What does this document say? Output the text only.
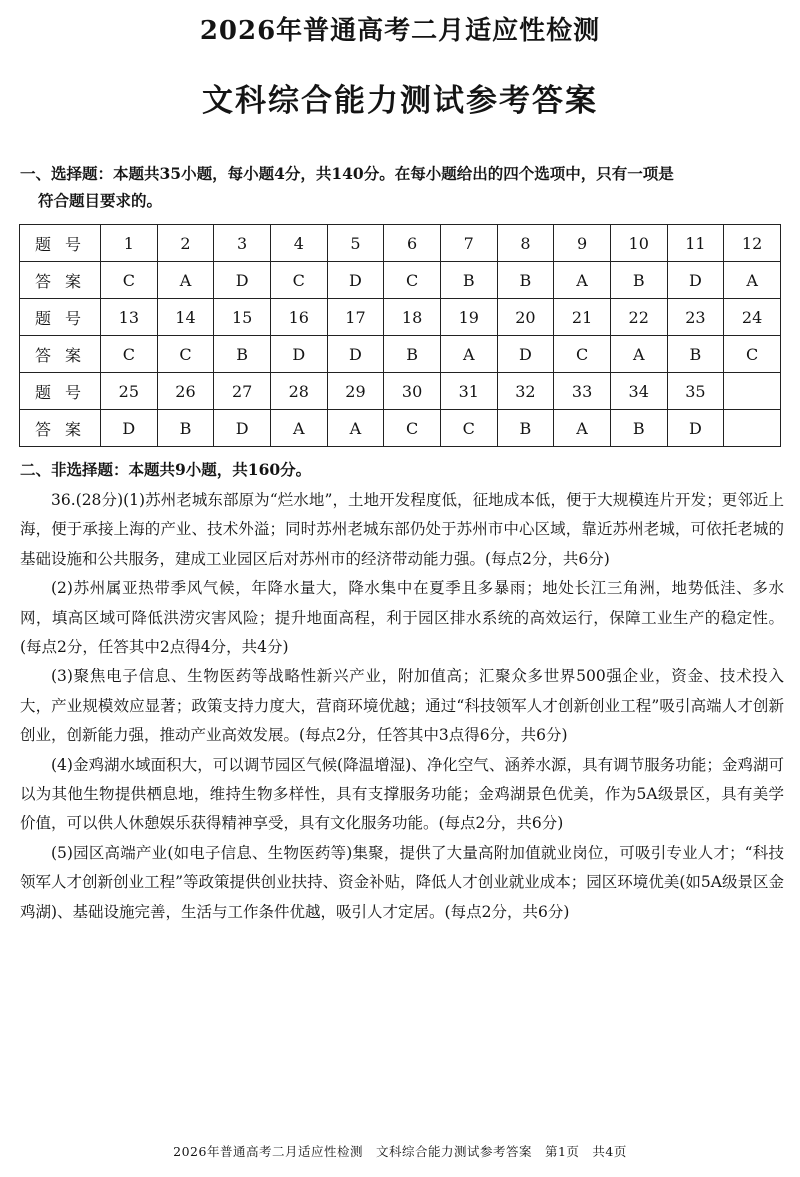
2026年普通高考二月适应性检测
文科综合能力测试参考答案
一、选择题：本题共35小题，每小题4分，共140分。在每小题给出的四个选项中，只有一项是
符合题目要求的。
题号	1	2	3	4	5	6	7	8	9	10	11	12
答案	C	A	D	C	D	C	B	B	A	B	D	A
题号	13	14	15	16	17	18	19	20	21	22	23	24
答案	C	C	B	D	D	B	A	D	C	A	B	C
题号	25	26	27	28	29	30	31	32	33	34	35	
答案	D	B	D	A	A	C	C	B	A	B	D	
二、非选择题：本题共9小题，共160分。

36.(28分)(1)苏州老城东部原为“烂水地”，土地开发程度低，征地成本低，便于大规模连片开发；更邻近上海，便于承接上海的产业、技术外溢；同时苏州老城东部仍处于苏州市中心区域，靠近苏州老城，可依托老城的基础设施和公共服务，建成工业园区后对苏州市的经济带动能力强。(每点2分，共6分)

(2)苏州属亚热带季风气候，年降水量大，降水集中在夏季且多暴雨；地处长江三角洲，地势低洼、多水网，填高区域可降低洪涝灾害风险；提升地面高程，利于园区排水系统的高效运行，保障工业生产的稳定性。(每点2分，任答其中2点得4分，共4分)

(3)聚焦电子信息、生物医药等战略性新兴产业，附加值高；汇聚众多世界500强企业，资金、技术投入大，产业规模效应显著；政策支持力度大，营商环境优越；通过“科技领军人才创新创业工程”吸引高端人才创新创业，创新能力强，推动产业高效发展。(每点2分，任答其中3点得6分，共6分)

(4)金鸡湖水域面积大，可以调节园区气候(降温增湿)、净化空气、涵养水源，具有调节服务功能；金鸡湖可以为其他生物提供栖息地，维持生物多样性，具有支撑服务功能；金鸡湖景色优美，作为5A级景区，具有美学价值，可以供人休憩娱乐获得精神享受，具有文化服务功能。(每点2分，共6分)

(5)园区高端产业(如电子信息、生物医药等)集聚，提供了大量高附加值就业岗位，可吸引专业人才；“科技领军人才创新创业工程”等政策提供创业扶持、资金补贴，降低人才创业就业成本；园区环境优美(如5A级景区金鸡湖)、基础设施完善，生活与工作条件优越，吸引人才定居。(每点2分，共6分)

2026年普通高考二月适应性检测　文科综合能力测试参考答案　第1页　共4页
